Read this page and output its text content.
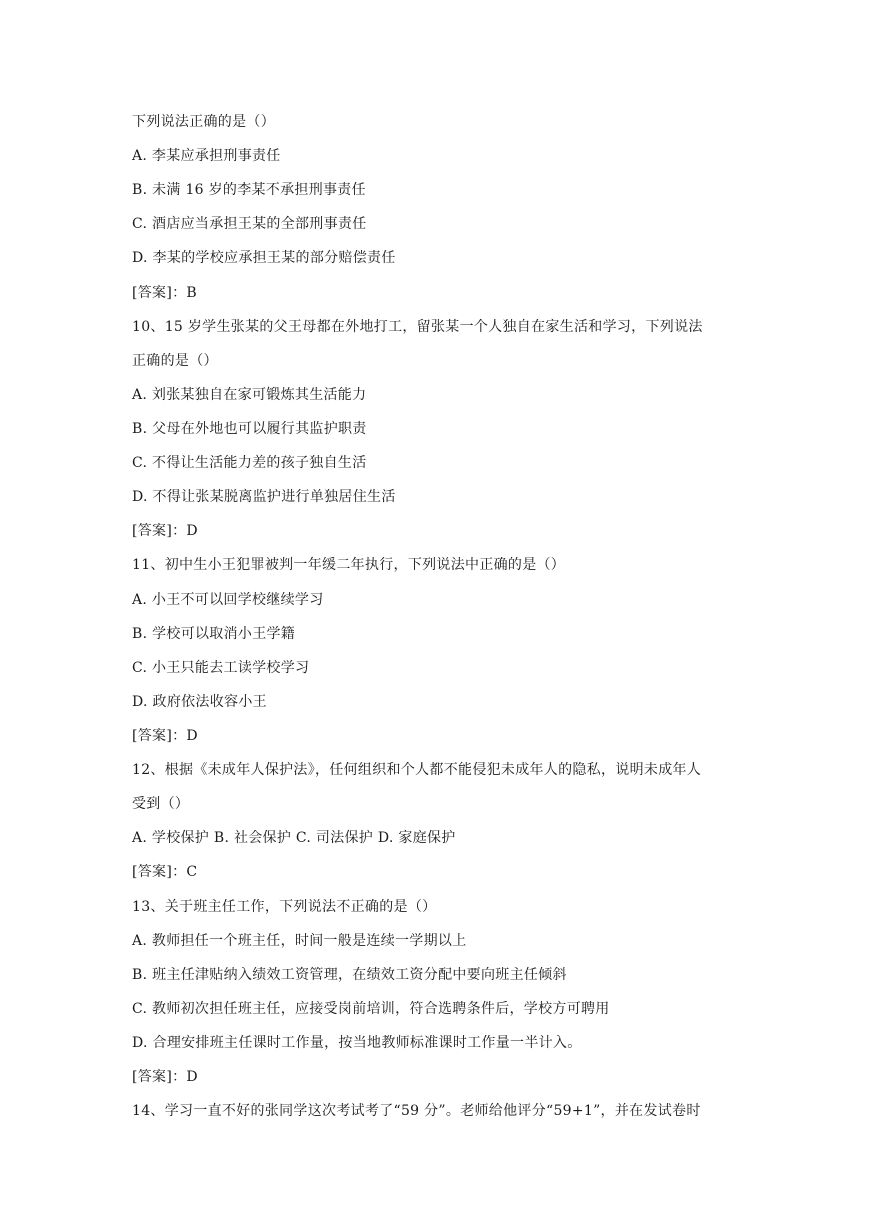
下列说法正确的是（）
A. 李某应承担刑事责任
B. 未满 16 岁的李某不承担刑事责任
C. 酒店应当承担王某的全部刑事责任
D. 李某的学校应承担王某的部分赔偿责任
[答案]：B
10、15 岁学生张某的父王母都在外地打工，留张某一个人独自在家生活和学习，下列说法
正确的是（）
A. 刘张某独自在家可锻炼其生活能力
B. 父母在外地也可以履行其监护职责
C. 不得让生活能力差的孩子独自生活
D. 不得让张某脱离监护进行单独居住生活
[答案]：D
11、初中生小王犯罪被判一年缓二年执行，下列说法中正确的是（）
A. 小王不可以回学校继续学习
B. 学校可以取消小王学籍
C. 小王只能去工读学校学习
D. 政府依法收容小王
[答案]：D
12、根据《未成年人保护法》，任何组织和个人都不能侵犯未成年人的隐私，说明未成年人
受到（）
A. 学校保护 B. 社会保护 C. 司法保护 D. 家庭保护
[答案]：C
13、关于班主任工作，下列说法不正确的是（）
A. 教师担任一个班主任，时间一般是连续一学期以上
B. 班主任津贴纳入绩效工资管理，在绩效工资分配中要向班主任倾斜
C. 教师初次担任班主任，应接受岗前培训，符合选聘条件后，学校方可聘用
D. 合理安排班主任课时工作量，按当地教师标准课时工作量一半计入。
[答案]：D
14、学习一直不好的张同学这次考试考了“59 分”。老师给他评分“59+1”，并在发试卷时
